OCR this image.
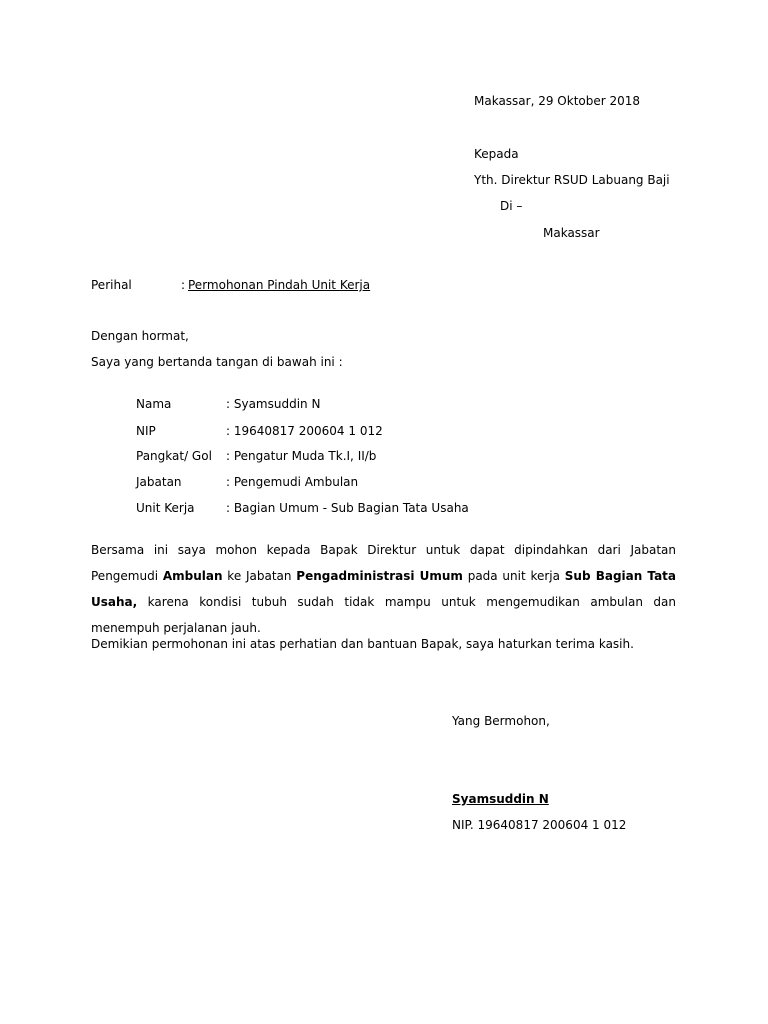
Makassar, 29 Oktober 2018
Kepada
Yth. Direktur RSUD Labuang Baji
Di –
Makassar
Perihal	: Permohonan Pindah Unit Kerja
Dengan hormat,
Saya yang bertanda tangan di bawah ini :
Nama	: Syamsuddin N
NIP	: 19640817 200604 1 012
Pangkat/ Gol : Pengatur Muda Tk.I, II/b
Jabatan	: Pengemudi Ambulan
Unit Kerja	: Bagian Umum - Sub Bagian Tata Usaha
Bersama ini saya mohon kepada Bapak Direktur untuk dapat dipindahkan dari Jabatan Pengemudi Ambulan ke Jabatan Pengadministrasi Umum pada unit kerja Sub Bagian Tata Usaha, karena kondisi tubuh sudah tidak mampu untuk mengemudikan ambulan dan menempuh perjalanan jauh.
Demikian permohonan ini atas perhatian dan bantuan Bapak, saya haturkan terima kasih.
Yang Bermohon,
Syamsuddin N
NIP. 19640817 200604 1 012
